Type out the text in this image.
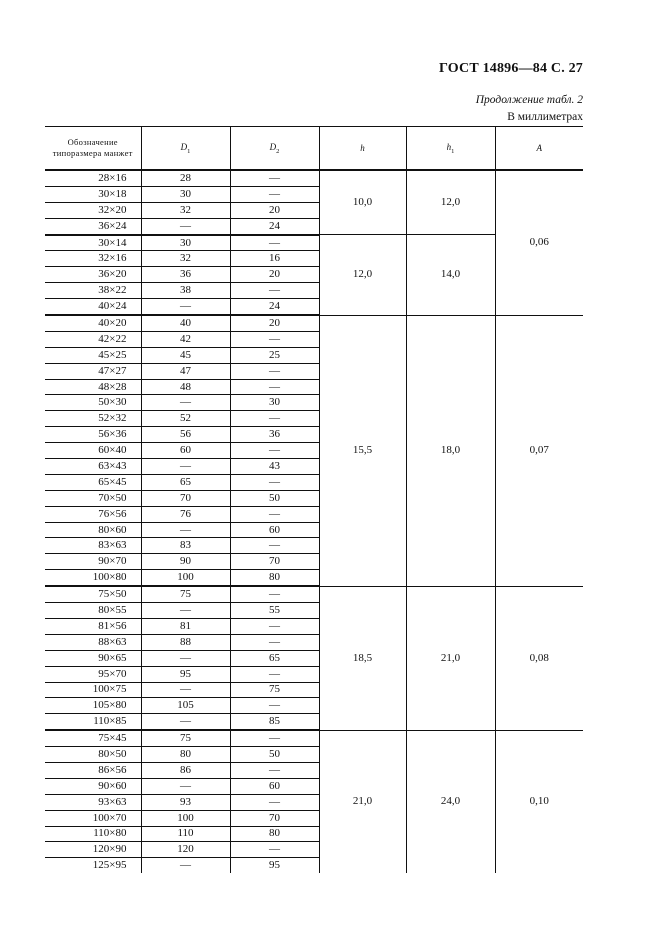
ГОСТ 14896—84 С. 27
Продолжение табл. 2
В миллиметрах
Обозначение типоразмера манжет	$D_1$	$D_2$	h	$h_1$	A
28×16	28	—	10,0	12,0	0,06
30×18	30	—			
32×20	32	20			
36×24	—	24			
30×14	30	—	12,0	14,0	
32×16	32	16			
36×20	36	20			
38×22	38	—			
40×24	—	24			
40×20	40	20	15,5	18,0	0,07
42×22	42	—			
45×25	45	25			
47×27	47	—			
48×28	48	—			
50×30	—	30			
52×32	52	—			
56×36	56	36			
60×40	60	—			
63×43	—	43			
65×45	65	—			
70×50	70	50			
76×56	76	—			
80×60	—	60			
83×63	83	—			
90×70	90	70			
100×80	100	80			
75×50	75	—	18,5	21,0	0,08
80×55	—	55			
81×56	81	—			
88×63	88	—			
90×65	—	65			
95×70	95	—			
100×75	—	75			
105×80	105	—			
110×85	—	85			
75×45	75	—	21,0	24,0	0,10
80×50	80	50			
86×56	86	—			
90×60	—	60			
93×63	93	—			
100×70	100	70			
110×80	110	80			
120×90	120	—			
125×95	—	95			
